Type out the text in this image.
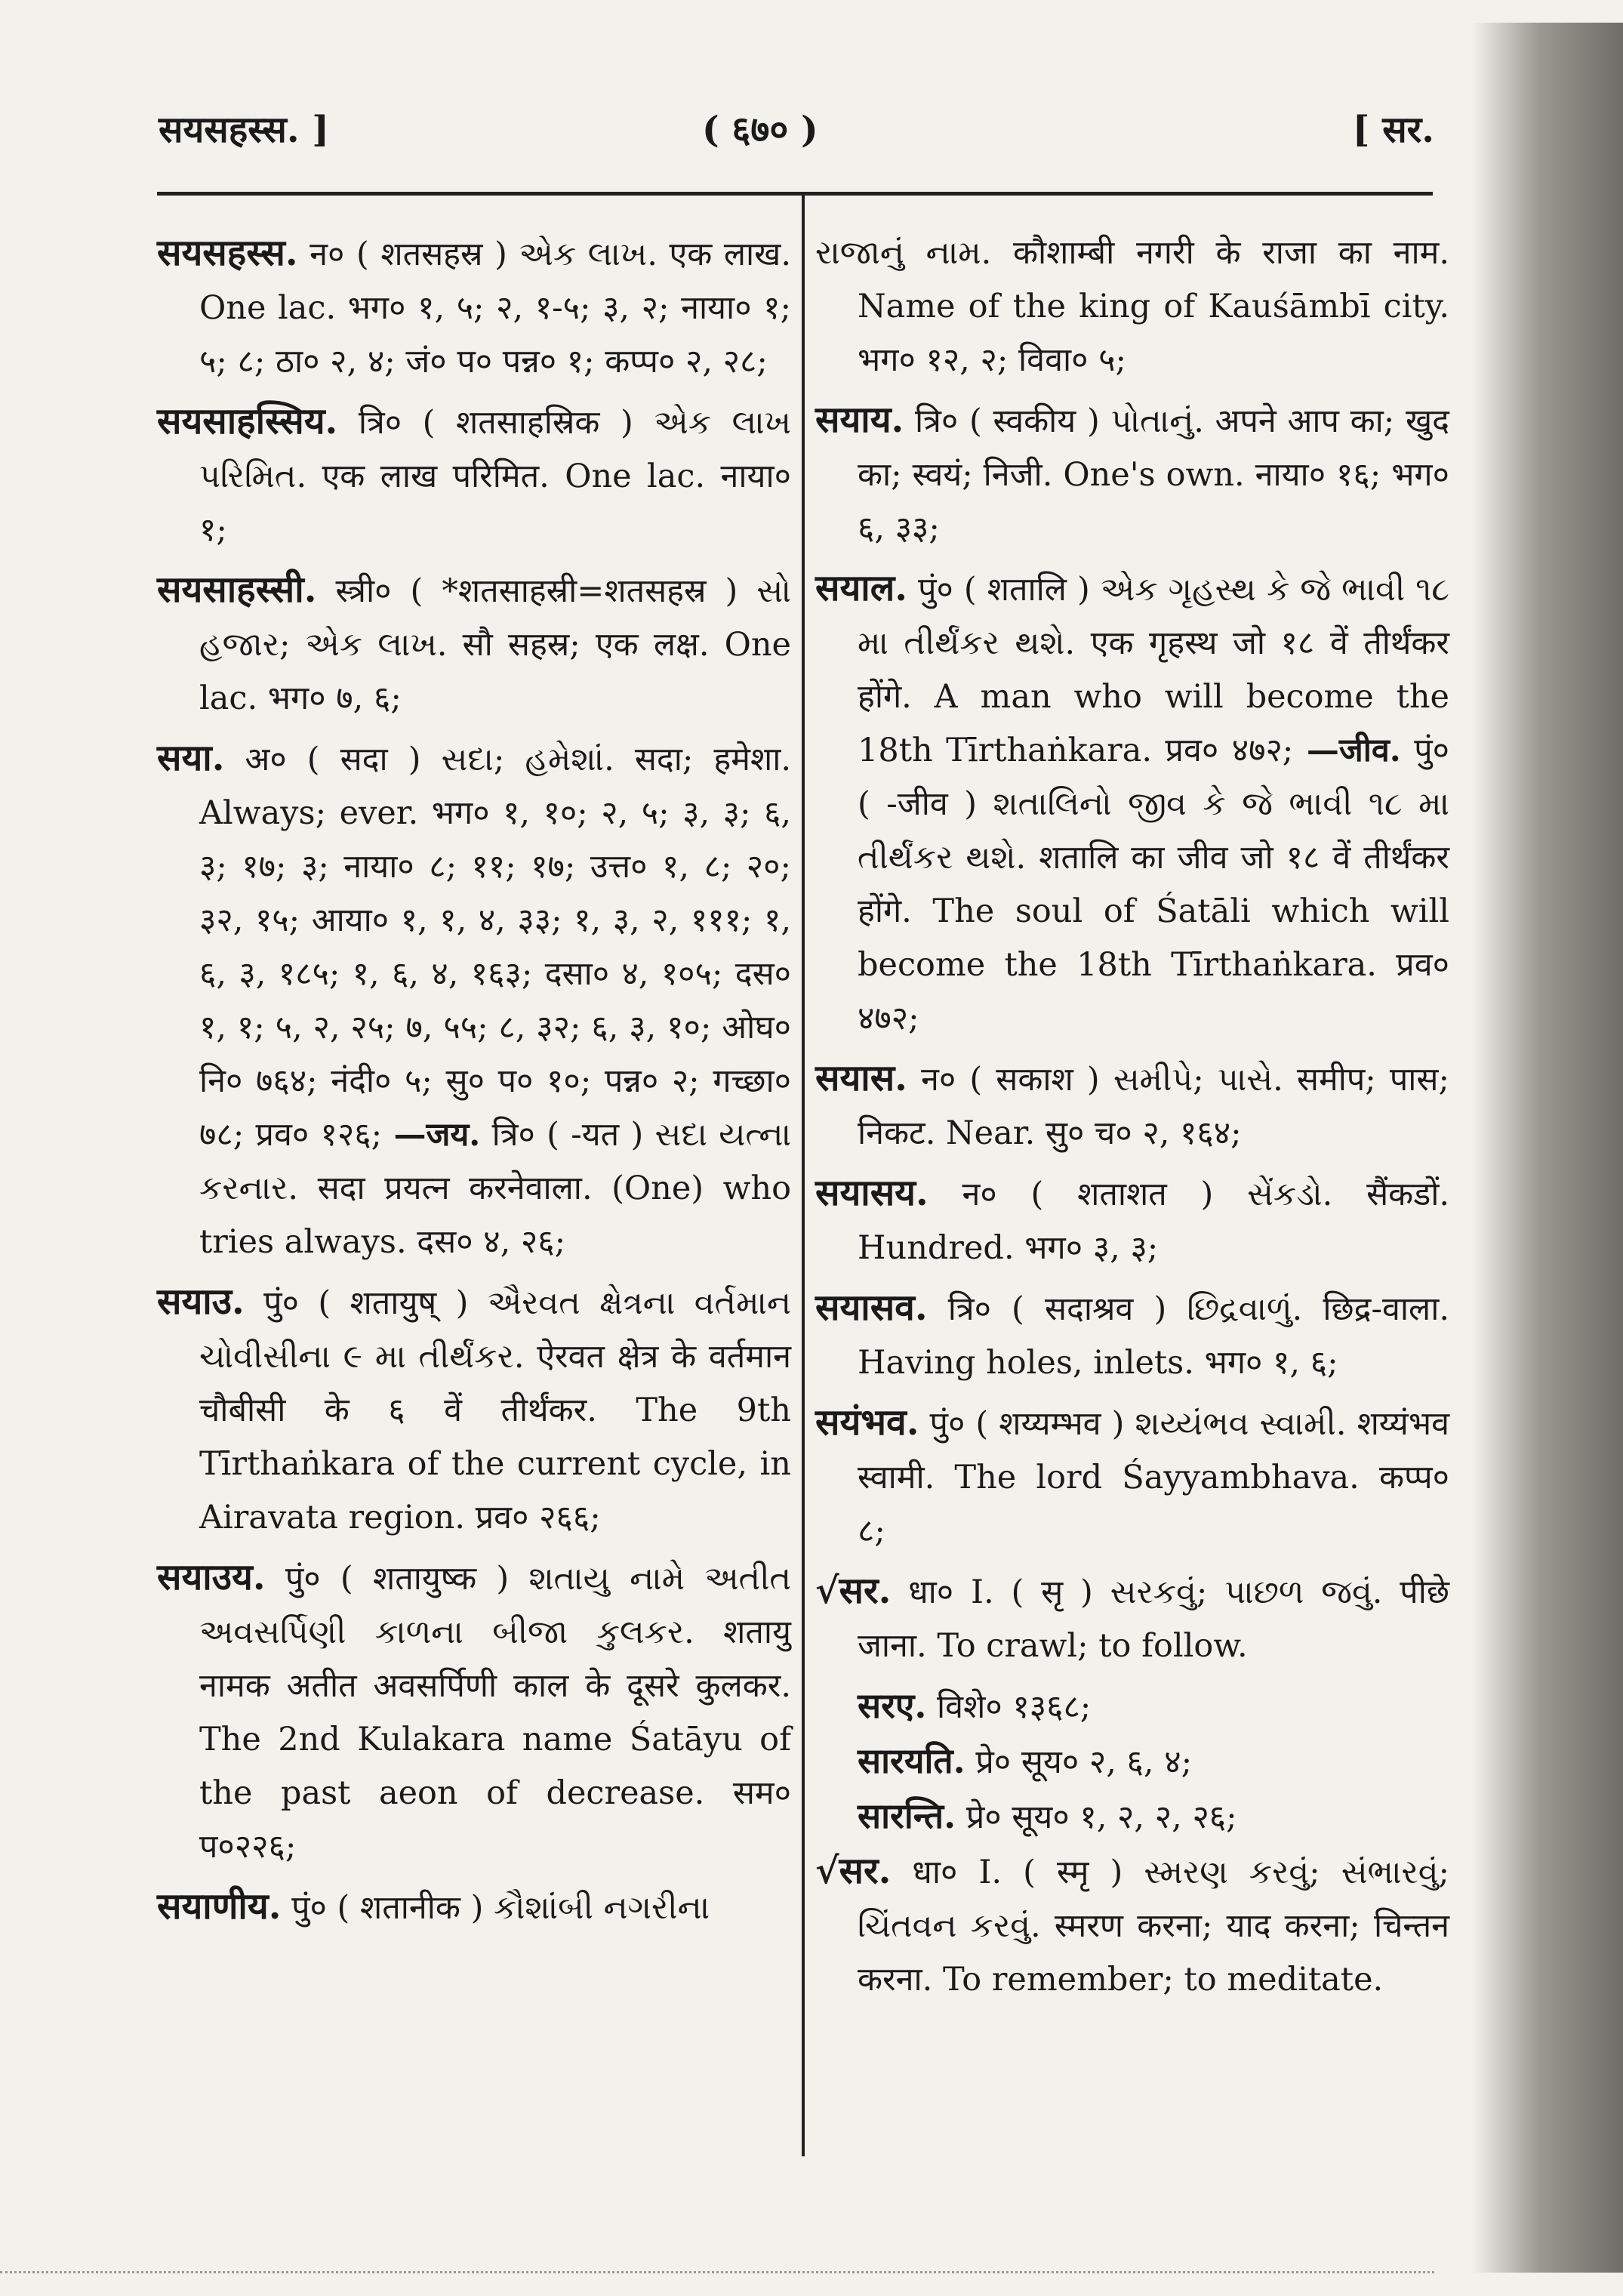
सयसहस्स. ]	( ६७० )	[ सर.

सयसहस्स. न० ( शतसहस्र ) એક લાખ. एक लाख. One lac. भग० १, ५; २, १-५; ३, २; नाया० १; ५; ८; ठा० २, ४; जं० प० पन्न० १; कप्प० २, २८;

सयसाहस्सिय. त्रि० ( शतसाहस्रिक ) એક લાખ પરિમિત. एक लाख परिमित. One lac. नाया० १;

सयसाहस्सी. स्त्री० ( *शतसाहस्री=शतसहस्र ) સો હજાર; એક લાખ. सौ सहस्र; एक लक्ष. One lac. भग० ७, ६;

सया. अ० ( सदा ) સદા; હમેશાં. सदा; हमेशा. Always; ever. भग० १, १०; २, ५; ३, ३; ६, ३; १७; ३; नाया० ८; ११; १७; उत्त० १, ८; २०; ३२, १५; आया० १, १, ४, ३३; १, ३, २, १११; १, ६, ३, १८५; १, ६, ४, १६३; दसा० ४, १०५; दस० १, १; ५, २, २५; ७, ५५; ८, ३२; ६, ३, १०; ओघ० नि० ७६४; नंदी० ५; सु० प० १०; पन्न० २; गच्छा० ७८; प्रव० १२६; —जय. त्रि० ( -यत ) સદા યત્ના કરનાર. सदा प्रयत्न करनेवाला. (One) who tries always. दस० ४, २६;

सयाउ. पुं० ( शतायुष् ) ઐરવત ક્ષેત્રના વર્તમાન ચોવીસીના ૯ મા તીર્થંકર. ऐरवत क्षेत्र के वर्तमान चौबीसी के ६ वें तीर्थंकर. The 9th Tīrthaṅkara of the current cycle, in Airavata region. प्रव० २६६;

सयाउय. पुं० ( शतायुष्क ) શતાયુ નામે અતીત અવસર્પિણી કાળના બીજા કુલકર. शतायु नामक अतीत अवसर्पिणी काल के दूसरे कुलकर. The 2nd Kulakara name Śatāyu of the past aeon of decrease. सम० प०२२६;

सयाणीय. पुं० ( शतानीक ) કૌશાંબી નગરીના

રાજાનું નામ. कौशाम्बी नगरी के राजा का नाम. Name of the king of Kauśāmbī city. भग० १२, २; विवा० ५;

सयाय. त्रि० ( स्वकीय ) પોતાનું. अपने आप का; खुद का; स्वयं; निजी. One's own. नाया० १६; भग० ६, ३३;

सयाल. पुं० ( शतालि ) એક ગૃહસ્થ કે જે ભાવી ૧૮ મા તીર્થંકર થશે. एक गृहस्थ जो १८ वें तीर्थंकर होंगे. A man who will become the 18th Tīrthaṅkara. प्रव० ४७२; —जीव. पुं० ( -जीव ) શતાલિનો જીવ કે જે ભાવી ૧૮ મા તીર્થંકર થશે. शतालि का जीव जो १८ वें तीर्थंकर होंगे. The soul of Śatāli which will become the 18th Tīrthaṅkara. प्रव० ४७२;

सयास. न० ( सकाश ) સમીપે; પાસે. समीप; पास; निकट. Near. सु० च० २, १६४;

सयासय. न० ( शताशत ) સેંકડો. सैंकडों. Hundred. भग० ३, ३;

सयासव. त्रि० ( सदाश्रव ) છિદ્રવાળું. छिद्र-वाला. Having holes, inlets. भग० १, ६;

सयंभव. पुं० ( शय्यम्भव ) શય્યંભવ સ્વામી. शय्यंभव स्वामी. The lord Śayyambhava. कप्प० ८;

√सर. धा० I. ( सृ ) સરકવું; પાછળ જવું. पीछे जाना. To crawl; to follow.

सरए. विशे० १३६८;

सारयति. प्रे० सूय० २, ६, ४;

सारन्ति. प्रे० सूय० १, २, २, २६;

√सर. धा० I. ( स्मृ ) સ્મરણ કરવું; સંભારવું; ચિંતવન કરવું. स्मरण करना; याद करना; चिन्तन करना. To remember; to meditate.
